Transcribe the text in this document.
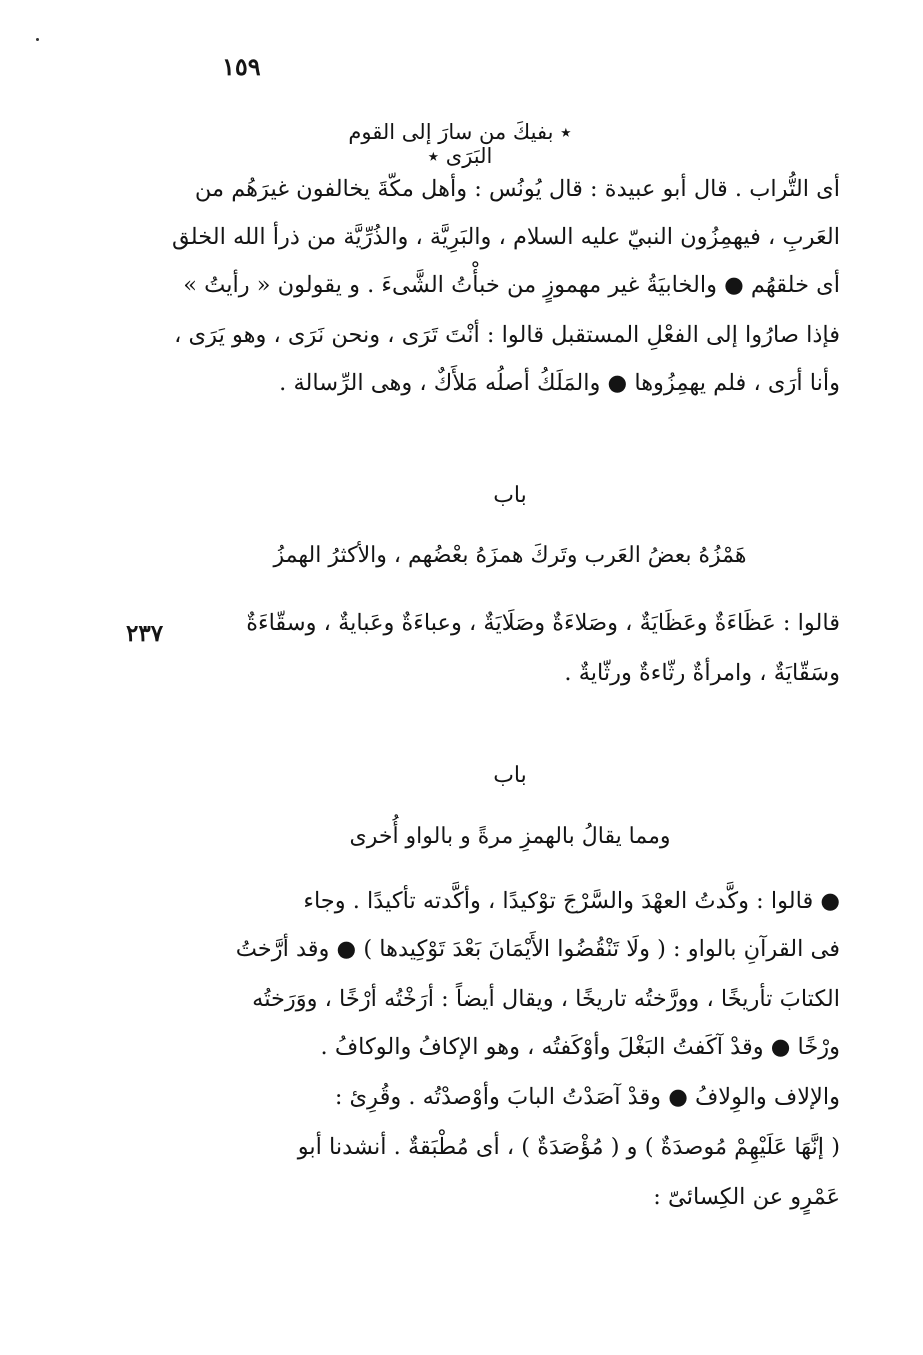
١٥٩
٭ بفيكَ من سارَ إلى القوم البَرَى ٭
أى التُّراب . قال أبو عبيدة : قال يُونُس : وأهل مكّةَ يخالفون غيرَهُم من
العَربِ ، فيهمِزُون النبيّ عليه السلام ، والبَرِيَّة ، والذُرِّيَّة من ذرأ الله الخلق
أى خلقهُم ● والخابيَةُ غير مهموزٍ من خبأْتُ الشَّىءَ . و يقولون « رأيتُ »
فإذا صارُوا إلى الفعْلِ المستقبل قالوا : أنْتَ تَرَى ، ونحن نَرَى ، وهو يَرَى ،
وأنا أرَى ، فلم يهمِزُوها ● والمَلَكُ أصلُه مَلأَكٌ ، وهى الرِّسالة .
باب
هَمْزُهُ بعضُ العَرب وتَركَ همزَهُ بعْضُهم ، والأكثرُ الهمزُ
٢٣٧	قالوا : عَظَاءَةٌ وعَظَايَةٌ ، وصَلاءَةٌ وصَلَايَةٌ ، وعباءَةٌ وعَبايةٌ ، وسقّاءَةٌ
وسَقّايَةٌ ، وامرأةٌ رثّاءةٌ ورثّايةٌ .
باب
ومما يقالُ بالهمزِ مرةً و بالواو أُخرى
● قالوا : وكَّدتُ العهْدَ والسَّرْجَ توْكيدًا ، وأكَّدته تأكيدًا . وجاء
فى القرآنِ بالواو : ( ولَا تَنْقُضُوا الأَيْمَانَ بَعْدَ تَوْكِيدها ) ● وقد أرَّختُ
الكتابَ تأريخًا ، وورَّختُه تاريخًا ، ويقال أيضاً : أرَخْتُه أرْخًا ، ووَرَختُه
ورْخًا ● وقدْ آكَفتُ البَغْلَ وأوْكَفتُه ، وهو الإكافُ والوكافُ .
والإلاف والوِلافُ ● وقدْ آصَدْتُ البابَ وأوْصدْتُه . وقُرِئ :
( إنَّهَا عَلَيْهِمْ مُوصدَةٌ ) و ( مُؤْصَدَةٌ ) ، أى مُطْبَقةٌ . أنشدنا أبو
عَمْرٍو عن الكِسائىّ :
